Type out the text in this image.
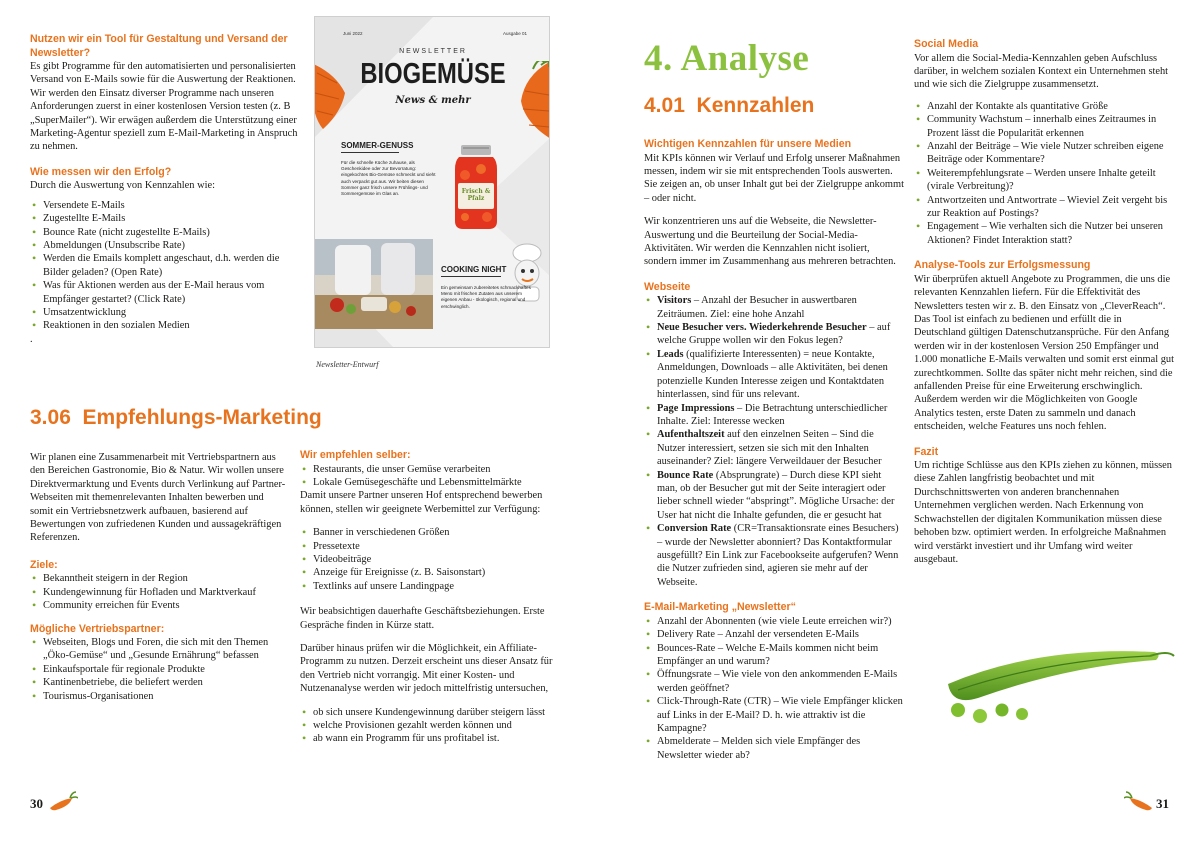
Nutzen wir ein Tool für Gestaltung und Versand der Newsletter?
Es gibt Programme für den automatisierten und personalisierten Versand von E-Mails sowie für die Auswertung der Reaktionen. Wir werden den Einsatz diverser Programme nach unseren Anforderungen zuerst in einer kostenlosen Version testen (z. B „SuperMailer“). Wir erwägen außerdem die Unterstützung einer Marketing-Agentur speziell zum E-Mail-Marketing in Anspruch zu nehmen.
Wie messen wir den Erfolg?
Durch die Auswertung von Kennzahlen wie:
• Versendete E-Mails
• Zugestellte E-Mails
• Bounce Rate (nicht zugestellte E-Mails)
• Abmeldungen (Unsubscribe Rate)
• Werden die Emails komplett angeschaut, d.h. werden die Bilder geladen? (Open Rate)
• Was für Aktionen werden aus der E-Mail heraus vom Empfänger gestartet? (Click Rate)
• Umsatzentwicklung
• Reaktionen in den sozialen Medien
.
Juni 2022	Ausgabe 01
NEWSLETTER
BIOGEMÜSE
News & mehr
SOMMER-GENUSS
Für die schnelle Küche zuhause, als Geschenkidee oder zur Bevorratung: eingekochtes Bio-Gemüse schmeckt und sieht auch verpackt gut aus. Wir beiten diesen Sommer ganz frisch unsere Frühlings- und Sommergemüse im Glas an.	Frisch & Pfalz
COOKING NIGHT
Ein gemeinsam zubereitetes schmackhaftes Menü mit frischen Zutaten aus unserem eigenen Anbau - ökologisch, regional und erschwinglich.
Newsletter-Entwurf
3.06  Empfehlungs-Marketing
Wir planen eine Zusammenarbeit mit Vertriebspartnern aus den Bereichen Gastronomie, Bio & Natur. Wir wollen unsere Direktvermarktung und Events durch Verlinkung auf Partner-Webseiten mit themenrelevanten Inhalten bewerben und somit ein Vertriebsnetzwerk aufbauen, basierend auf Bewertungen von zufriedenen Kunden und aussagekräftigen Referenzen.
Ziele:
• Bekanntheit steigern in der Region
• Kundengewinnung für Hofladen und Marktverkauf
• Community erreichen für Events
Mögliche Vertriebspartner:
• Webseiten, Blogs und Foren, die sich mit den Themen „Öko-Gemüse“ und „Gesunde Ernährung“ befassen
• Einkaufsportale für regionale Produkte
• Kantinenbetriebe, die beliefert werden
• Tourismus-Organisationen
Wir empfehlen selber:
• Restaurants, die unser Gemüse verarbeiten
• Lokale Gemüsegeschäfte und Lebensmittelmärkte
Damit unsere Partner unseren Hof entsprechend bewerben können, stellen wir geeignete Werbemittel zur Verfügung:
• Banner in verschiedenen Größen
• Pressetexte
• Videobeiträge
• Anzeige für Ereignisse (z. B. Saisonstart)
• Textlinks auf unsere Landingpage
Wir beabsichtigen dauerhafte Geschäftsbeziehungen. Erste Gespräche finden in Kürze statt.
Darüber hinaus prüfen wir die Möglichkeit, ein Affiliate-Programm zu nutzen. Derzeit erscheint uns dieser Ansatz für den Vertrieb nicht vorrangig. Mit einer Kosten- und Nutzenanalyse werden wir jedoch mittelfristig untersuchen,
• ob sich unsere Kundengewinnung darüber steigern lässt
• welche Provisionen gezahlt werden können und
• ab wann ein Programm für uns profitabel ist.
30
4. Analyse
4.01  Kennzahlen
Wichtigen Kennzahlen für unsere Medien
Mit KPIs können wir Verlauf und Erfolg unserer Maßnahmen messen, indem wir sie mit entsprechenden Tools auswerten. Sie zeigen an, ob unser Inhalt gut bei der Zielgruppe ankommt – oder nicht.
Wir konzentrieren uns auf die Webseite, die Newsletter-Auswertung und die Beurteilung der Social-Media-Aktivitäten. Wir werden die Kennzahlen nicht isoliert, sondern immer im Zusammenhang aus mehreren betrachten.
Webseite
• Visitors – Anzahl der Besucher in auswertbaren Zeiträumen. Ziel: eine hohe Anzahl
• Neue Besucher vers. Wiederkehrende Besucher – auf welche Gruppe wollen wir den Fokus legen?
• Leads (qualifizierte Interessenten) = neue Kontakte, Anmeldungen, Downloads – alle Aktivitäten, bei denen potenzielle Kunden Interesse zeigen und Kontaktdaten hinterlassen, sind für uns relevant.
• Page Impressions – Die Betrachtung unterschiedlicher Inhalte. Ziel: Interesse wecken
• Aufenthaltszeit auf den einzelnen Seiten – Sind die Nutzer interessiert, setzen sie sich mit den Inhalten auseinander? Ziel: längere Verweildauer der Besucher
• Bounce Rate (Absprungrate) – Durch diese KPI sieht man, ob der Besucher gut mit der Seite interagiert oder lieber schnell wieder “abspringt”. Mögliche Ursache: der User hat nicht die Inhalte gefunden, die er gesucht hat
• Conversion Rate (CR=Transaktionsrate eines Besuchers) – wurde der Newsletter abonniert? Das Kontaktformular ausgefüllt? Ein Link zur Facebookseite aufgerufen? Wenn die Nutzer zufrieden sind, agieren sie mehr auf der Webseite.
E-Mail-Marketing „Newsletter“
• Anzahl der Abonnenten (wie viele Leute erreichen wir?)
• Delivery Rate – Anzahl der versendeten E-Mails
• Bounces-Rate – Welche E-Mails kommen nicht beim Empfänger an und warum?
• Öffnungsrate – Wie viele von den ankommenden E-Mails werden geöffnet?
• Click-Through-Rate (CTR) – Wie viele Empfänger klicken auf Links in der E-Mail? D. h. wie attraktiv ist die Kampagne?
• Abmelderate – Melden sich viele Empfänger des Newsletter wieder ab?
Social Media
Vor allem die Social-Media-Kennzahlen geben Aufschluss darüber, in welchem sozialen Kontext ein Unternehmen steht und wie sich die Zielgruppe zusammensetzt.
• Anzahl der Kontakte als quantitative Größe
• Community Wachstum – innerhalb eines Zeitraumes in Prozent lässt die Popularität erkennen
• Anzahl der Beiträge – Wie viele Nutzer schreiben eigene Beiträge oder Kommentare?
• Weiterempfehlungsrate – Werden unsere Inhalte geteilt (virale Verbreitung)?
• Antwortzeiten und Antwortrate – Wieviel Zeit vergeht bis zur Reaktion auf Postings?
• Engagement – Wie verhalten sich die Nutzer bei unseren Aktionen? Findet Interaktion statt?
Analyse-Tools zur Erfolgsmessung
Wir überprüfen aktuell Angebote zu Programmen, die uns die relevanten Kennzahlen liefern. Für die Effektivität des Newsletters testen wir z. B. den Einsatz von „CleverReach“. Das Tool ist einfach zu bedienen und erfüllt die in Deutschland gültigen Datenschutzansprüche. Für den Anfang werden wir in der kostenlosen Version 250 Empfänger und 1.000 monatliche E-Mails verwalten und somit erst einmal gut zurechtkommen. Sollte das später nicht mehr reichen, sind die anfallenden Preise für eine Erweiterung erschwinglich. Außerdem werden wir die Möglichkeiten von Google Analytics testen, erste Daten zu sammeln und danach entscheiden, welche Features uns noch fehlen.
Fazit
Um richtige Schlüsse aus den KPIs ziehen zu können, müssen diese Zahlen langfristig beobachtet und mit Durchschnittswerten von anderen branchennahen Unternehmen verglichen werden. Nach Erkennung von Schwachstellen der digitalen Kommunikation müssen diese behoben bzw. optimiert werden. In erfolgreiche Maßnahmen wird verstärkt investiert und ihr Umfang wird weiter ausgebaut.
31
